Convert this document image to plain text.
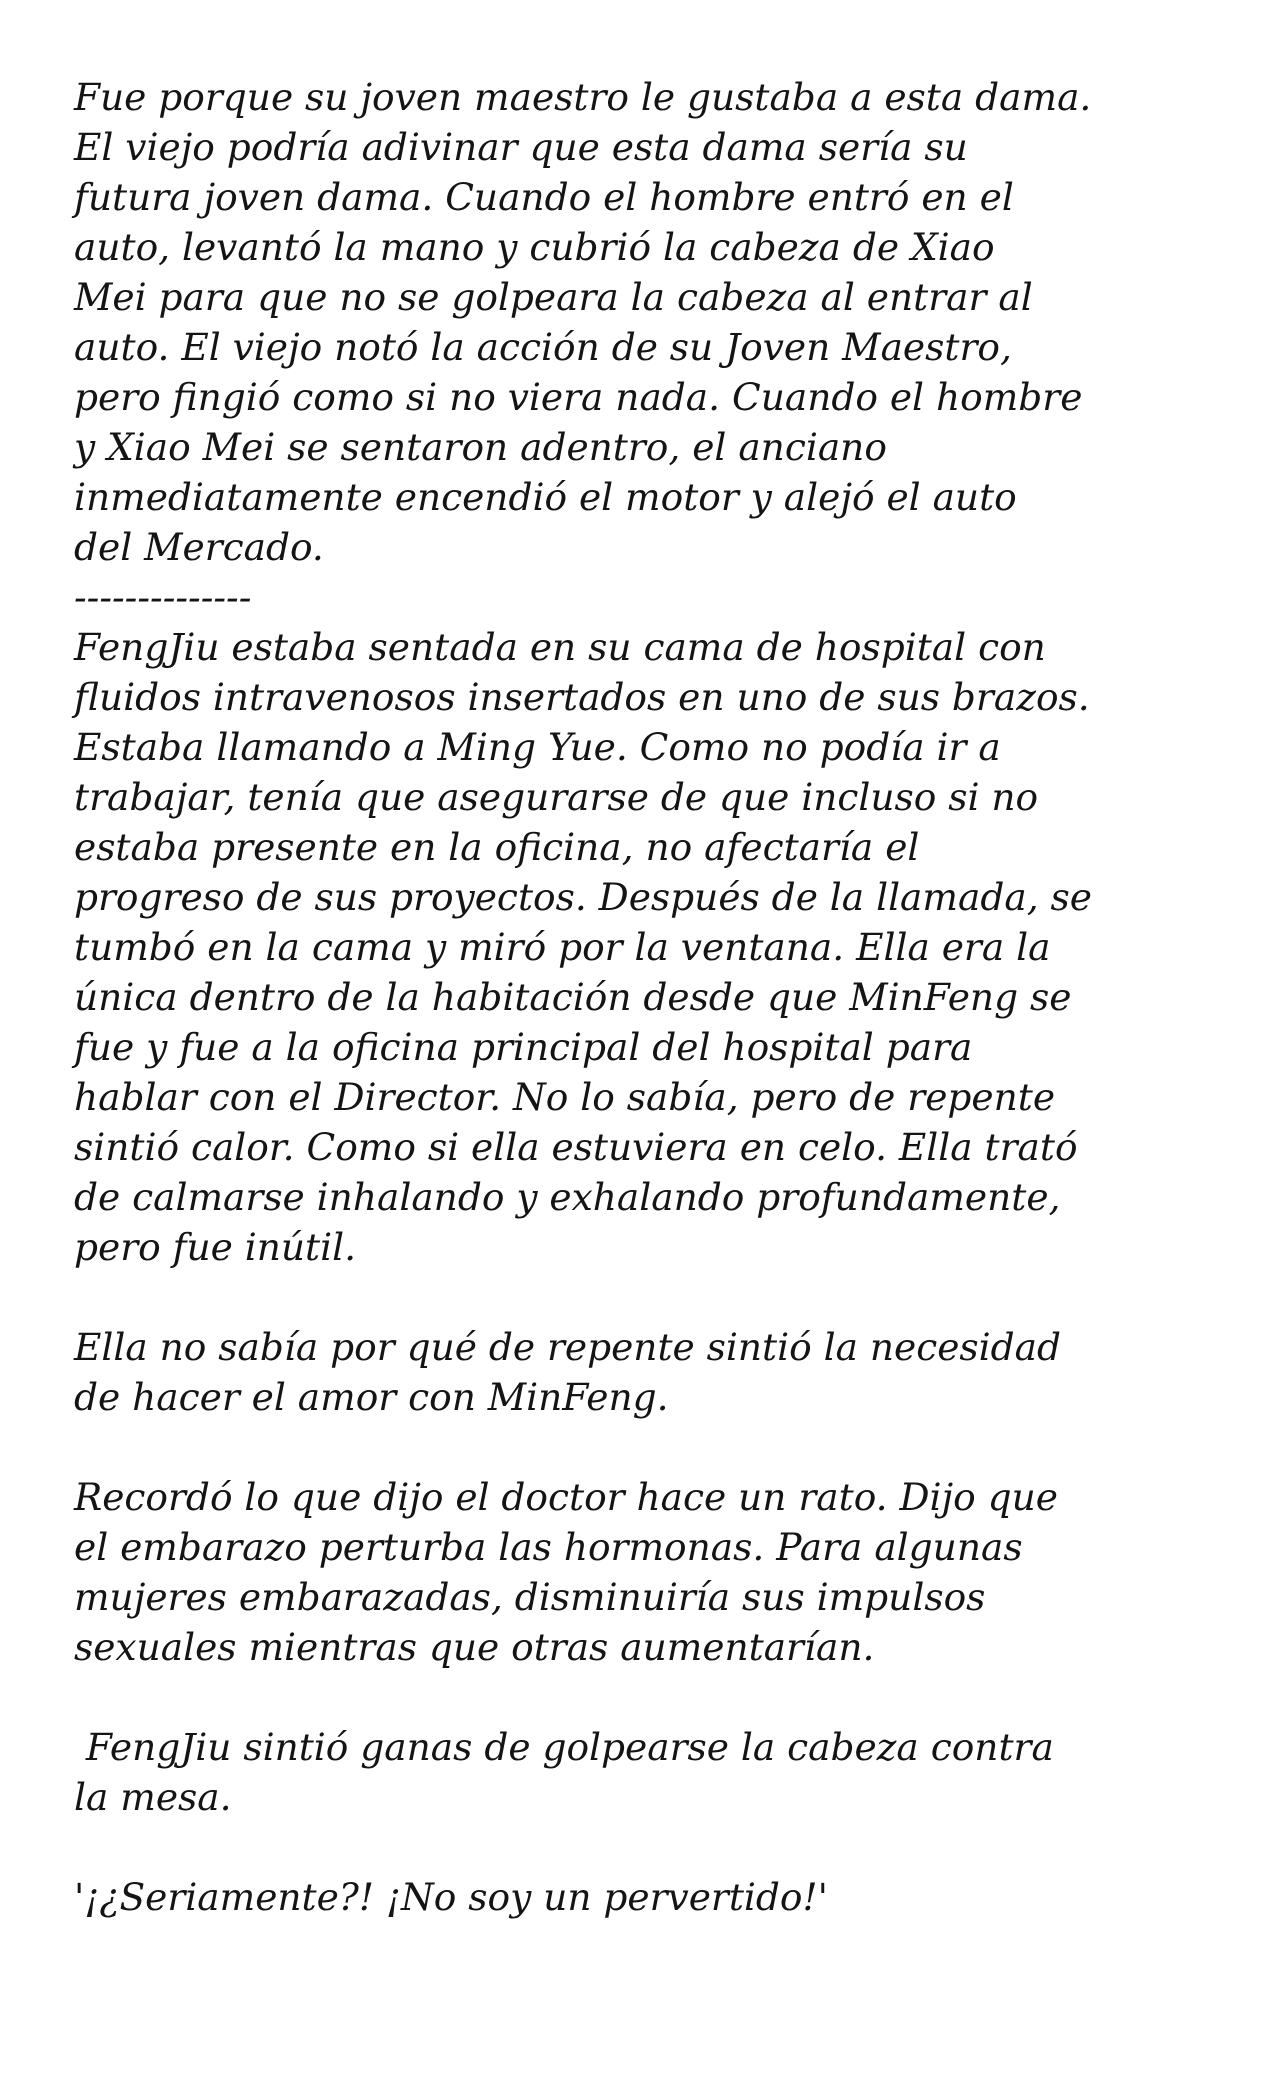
Fue porque su joven maestro le gustaba a esta dama.
El viejo podría adivinar que esta dama sería su
futura joven dama. Cuando el hombre entró en el
auto, levantó la mano y cubrió la cabeza de Xiao
Mei para que no se golpeara la cabeza al entrar al
auto. El viejo notó la acción de su Joven Maestro,
pero fingió como si no viera nada. Cuando el hombre
y Xiao Mei se sentaron adentro, el anciano
inmediatamente encendió el motor y alejó el auto
del Mercado.
--------------
FengJiu estaba sentada en su cama de hospital con
fluidos intravenosos insertados en uno de sus brazos.
Estaba llamando a Ming Yue. Como no podía ir a
trabajar, tenía que asegurarse de que incluso si no
estaba presente en la oficina, no afectaría el
progreso de sus proyectos. Después de la llamada, se
tumbó en la cama y miró por la ventana. Ella era la
única dentro de la habitación desde que MinFeng se
fue y fue a la oficina principal del hospital para
hablar con el Director. No lo sabía, pero de repente
sintió calor. Como si ella estuviera en celo. Ella trató
de calmarse inhalando y exhalando profundamente,
pero fue inútil.
Ella no sabía por qué de repente sintió la necesidad
de hacer el amor con MinFeng.
Recordó lo que dijo el doctor hace un rato. Dijo que
el embarazo perturba las hormonas. Para algunas
mujeres embarazadas, disminuiría sus impulsos
sexuales mientras que otras aumentarían.
FengJiu sintió ganas de golpearse la cabeza contra
la mesa.
'¡¿Seriamente?! ¡No soy un pervertido!'
